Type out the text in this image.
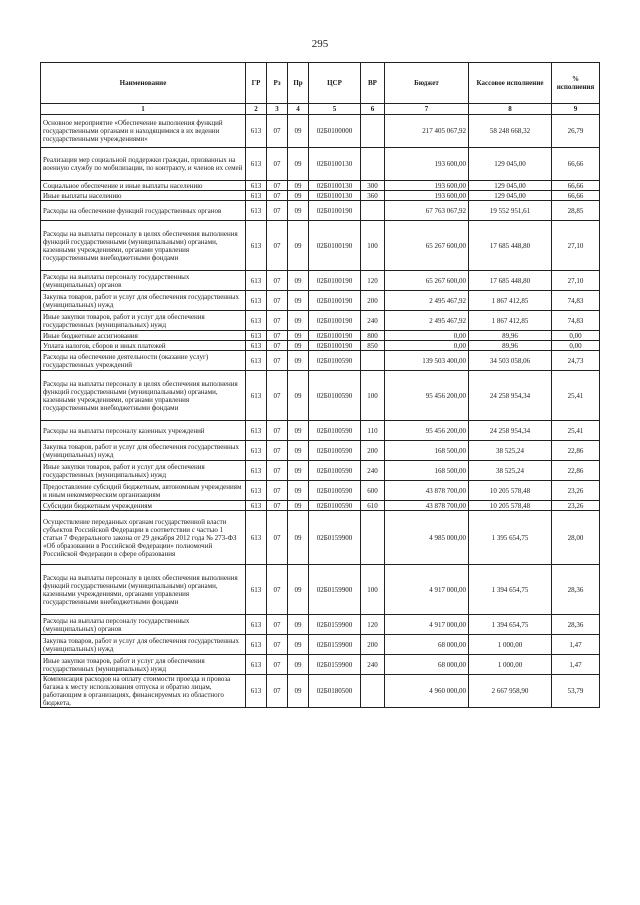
295
Наименование	ГР	Рз	Пр	ЦСР	ВР	Бюджет	Кассовое исполнение	% исполнения
1	2	3	4	5	6	7	8	9
Основное мероприятие «Обеспечение выполнения функций государственными органами и находящимися в их ведении государственными учреждениями»	613	07	09	02Б0100000		217 405 067,92	58 248 668,32	26,79
Реализация мер социальной поддержки граждан, призванных на военную службу по мобилизации, по контракту, и членов их семей	613	07	09	02Б0100130		193 600,00	129 045,00	66,66
Социальное обеспечение и иные выплаты населению	613	07	09	02Б0100130	300	193 600,00	129 045,00	66,66
Иные выплаты населению	613	07	09	02Б0100130	360	193 600,00	129 045,00	66,66
Расходы на обеспечение функций государственных органов	613	07	09	02Б0100190		67 763 067,92	19 552 951,61	28,85
Расходы на выплаты персоналу в целях обеспечения выполнения функций государственными (муниципальными) органами, казенными учреждениями, органами управления государственными внебюджетными фондами	613	07	09	02Б0100190	100	65 267 600,00	17 685 448,80	27,10
Расходы на выплаты персоналу государственных (муниципальных) органов	613	07	09	02Б0100190	120	65 267 600,00	17 685 448,80	27,10
Закупка товаров, работ и услуг для обеспечения государственных (муниципальных) нужд	613	07	09	02Б0100190	200	2 495 467,92	1 867 412,85	74,83
Иные закупки товаров, работ и услуг для обеспечения государственных (муниципальных) нужд	613	07	09	02Б0100190	240	2 495 467,92	1 867 412,85	74,83
Иные бюджетные ассигнования	613	07	09	02Б0100190	800	0,00	89,96	0,00
Уплата налогов, сборов и иных платежей	613	07	09	02Б0100190	850	0,00	89,96	0,00
Расходы на обеспечение деятельности (оказание услуг) государственных учреждений	613	07	09	02Б0100590		139 503 400,00	34 503 058,06	24,73
Расходы на выплаты персоналу в целях обеспечения выполнения функций государственными (муниципальными) органами, казенными учреждениями, органами управления государственными внебюджетными фондами	613	07	09	02Б0100590	100	95 456 200,00	24 258 954,34	25,41
Расходы на выплаты персоналу казенных учреждений	613	07	09	02Б0100590	110	95 456 200,00	24 258 954,34	25,41
Закупка товаров, работ и услуг для обеспечения государственных (муниципальных) нужд	613	07	09	02Б0100590	200	168 500,00	38 525,24	22,86
Иные закупки товаров, работ и услуг для обеспечения государственных (муниципальных) нужд	613	07	09	02Б0100590	240	168 500,00	38 525,24	22,86
Предоставление субсидий бюджетным, автономным учреждениям и иным некоммерческим организациям	613	07	09	02Б0100590	600	43 878 700,00	10 205 578,48	23,26
Субсидии бюджетным учреждениям	613	07	09	02Б0100590	610	43 878 700,00	10 205 578,48	23,26
Осуществление переданных органам государственной власти субъектов Российской Федерации в соответствии с частью 1 статьи 7 Федерального закона от 29 декабря 2012 года № 273-ФЗ «Об образовании в Российской Федерации» полномочий Российской Федерации в сфере образования	613	07	09	02Б0159900		4 985 000,00	1 395 654,75	28,00
Расходы на выплаты персоналу в целях обеспечения выполнения функций государственными (муниципальными) органами, казенными учреждениями, органами управления государственными внебюджетными фондами	613	07	09	02Б0159900	100	4 917 000,00	1 394 654,75	28,36
Расходы на выплаты персоналу государственных (муниципальных) органов	613	07	09	02Б0159900	120	4 917 000,00	1 394 654,75	28,36
Закупка товаров, работ и услуг для обеспечения государственных (муниципальных) нужд	613	07	09	02Б0159900	200	68 000,00	1 000,00	1,47
Иные закупки товаров, работ и услуг для обеспечения государственных (муниципальных) нужд	613	07	09	02Б0159900	240	68 000,00	1 000,00	1,47
Компенсация расходов на оплату стоимости проезда и провоза багажа к месту использования отпуска и обратно лицам, работающим в организациях, финансируемых из областного бюджета,	613	07	09	02Б0180500		4 960 000,00	2 667 958,90	53,79
